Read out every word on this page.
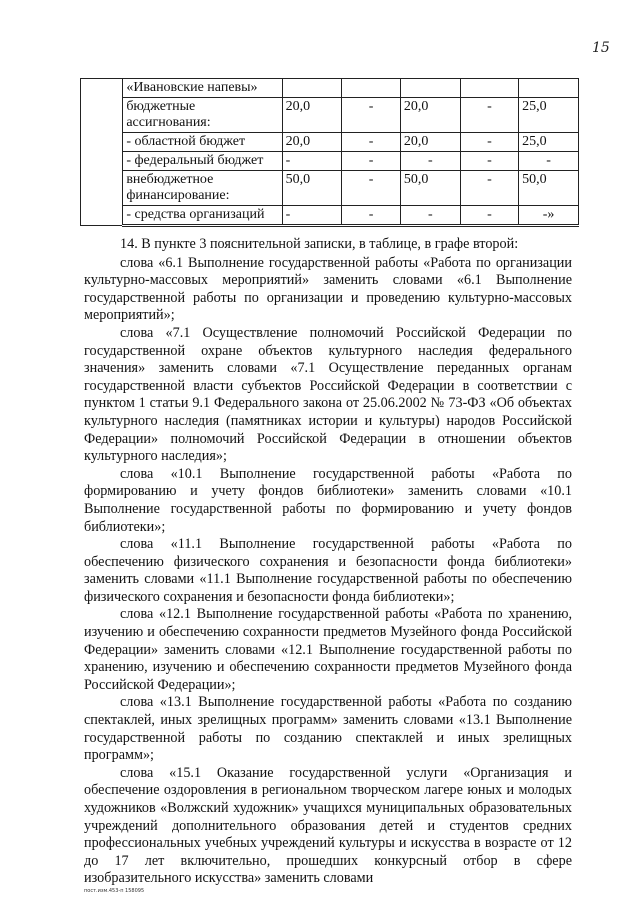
15
	«Ивановские напевы»					
	бюджетные ассигнования:	20,0	-	20,0	-	25,0
	- областной бюджет	20,0	-	20,0	-	25,0
	- федеральный бюджет	-	-	-	-	-
	внебюджетное финансирование:	50,0	-	50,0	-	50,0
	- средства организаций	-	-	-	-	-»

14. В пункте 3 пояснительной записки, в таблице, в графе второй:

слова «6.1 Выполнение государственной работы «Работа по организации культурно-массовых мероприятий» заменить словами «6.1 Выполнение государственной работы по организации и проведению культурно-массовых мероприятий»;

слова «7.1 Осуществление полномочий Российской Федерации по государственной охране объектов культурного наследия федерального значения» заменить словами «7.1 Осуществление переданных органам государственной власти субъектов Российской Федерации в соответствии с пунктом 1 статьи 9.1 Федерального закона от 25.06.2002 № 73-ФЗ «Об объектах культурного наследия (памятниках истории и культуры) народов Российской Федерации» полномочий Российской Федерации в отношении объектов культурного наследия»;

слова «10.1 Выполнение государственной работы «Работа по формированию и учету фондов библиотеки» заменить словами «10.1 Выполнение государственной работы по формированию и учету фондов библиотеки»;

слова «11.1 Выполнение государственной работы «Работа по обеспечению физического сохранения и безопасности фонда библиотеки» заменить словами «11.1 Выполнение государственной работы по обеспечению физического сохранения и безопасности фонда библиотеки»;

слова «12.1 Выполнение государственной работы «Работа по хранению, изучению и обеспечению сохранности предметов Музейного фонда Российской Федерации» заменить словами «12.1 Выполнение государственной работы по хранению, изучению и обеспечению сохранности предметов Музейного фонда Российской Федерации»;

слова «13.1 Выполнение государственной работы «Работа по созданию спектаклей, иных зрелищных программ» заменить словами «13.1 Выполнение государственной работы по созданию спектаклей и иных зрелищных программ»;

слова «15.1 Оказание государственной услуги «Организация и обеспечение оздоровления в региональном творческом лагере юных и молодых художников «Волжский художник» учащихся муниципальных образовательных учреждений дополнительного образования детей и студентов средних профессиональных учебных учреждений культуры и искусства в возрасте от 12 до 17 лет включительно, прошедших конкурсный отбор в сфере изобразительного искусства» заменить словами

пост.изм.453-п 158095
